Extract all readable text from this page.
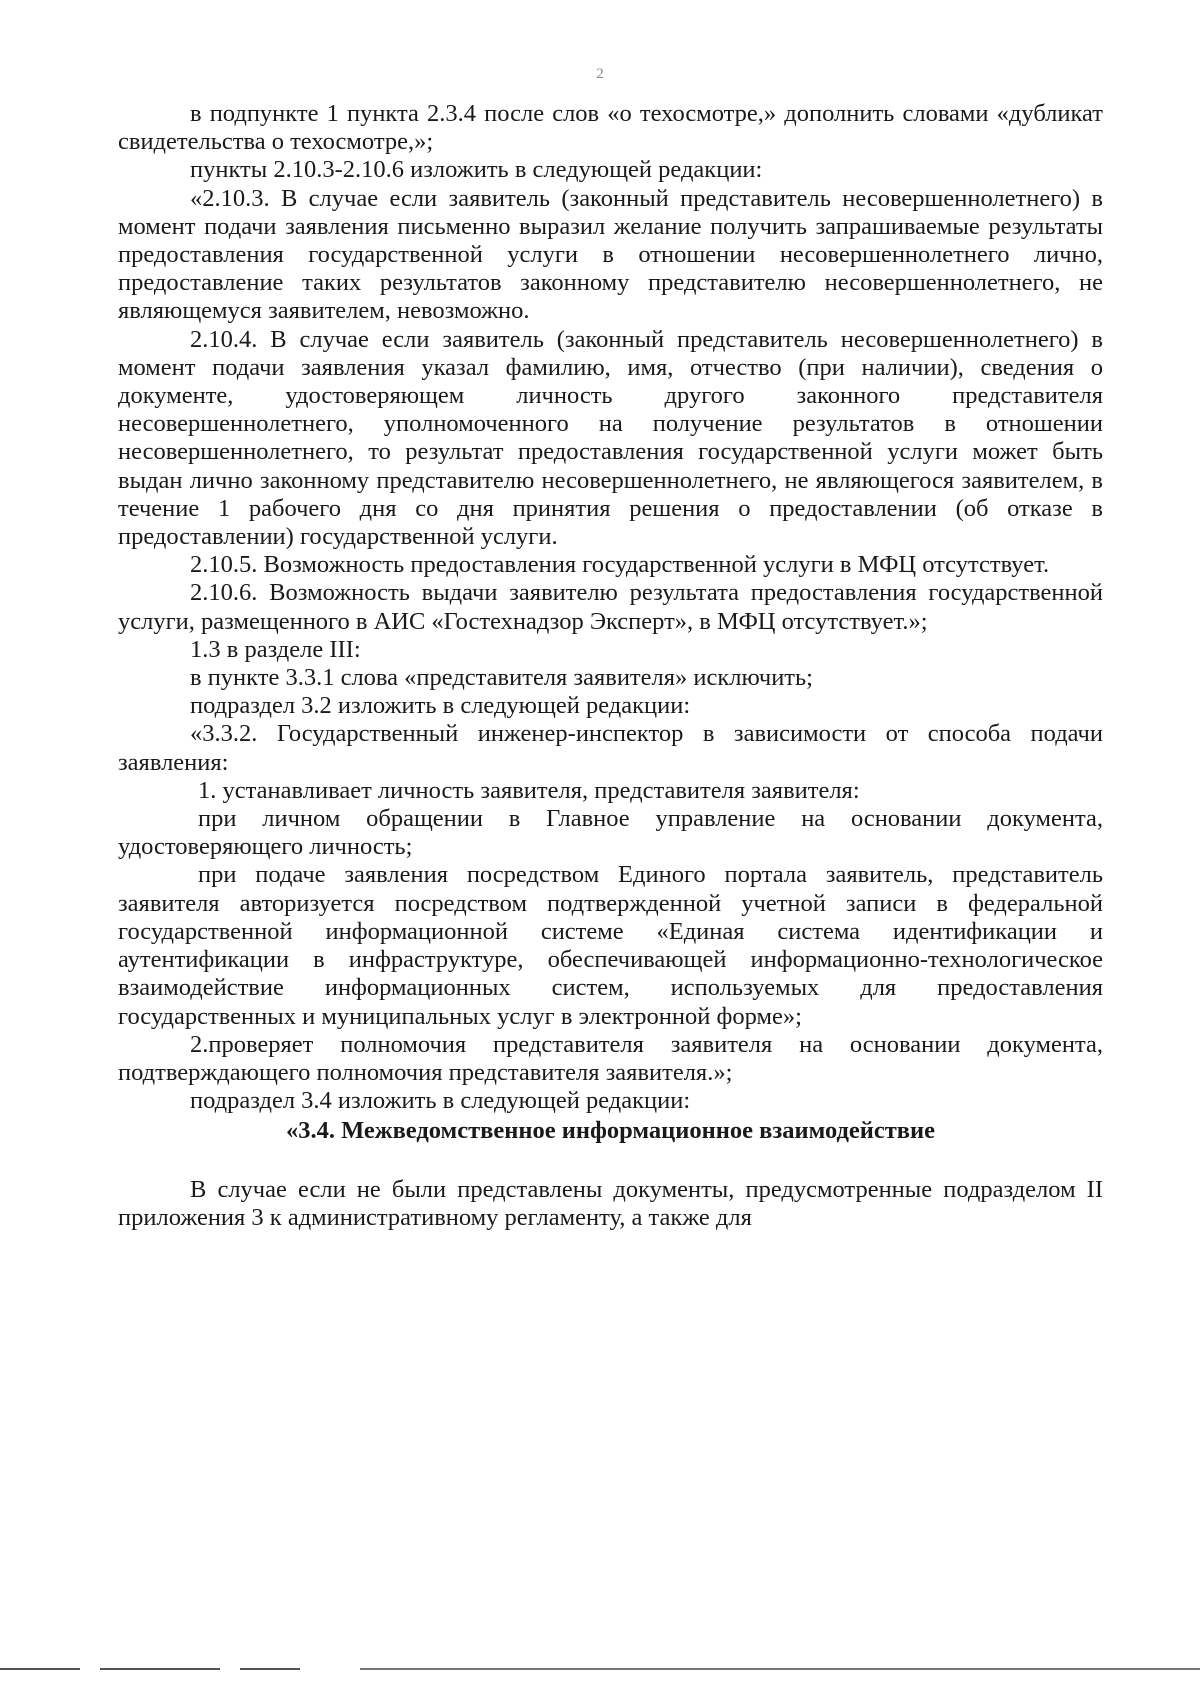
2

в подпункте 1 пункта 2.3.4 после слов «о техосмотре,» дополнить словами «дубликат свидетельства о техосмотре,»;

пункты 2.10.3-2.10.6 изложить в следующей редакции:

«2.10.3. В случае если заявитель (законный представитель несовершеннолетнего) в момент подачи заявления письменно выразил желание получить запрашиваемые результаты предоставления государственной услуги в отношении несовершеннолетнего лично, предоставление таких результатов законному представителю несовершеннолетнего, не являющемуся заявителем, невозможно.

2.10.4. В случае если заявитель (законный представитель несовершеннолетнего) в момент подачи заявления указал фамилию, имя, отчество (при наличии), сведения о документе, удостоверяющем личность другого законного представителя несовершеннолетнего, уполномоченного на получение результатов в отношении несовершеннолетнего, то результат предоставления государственной услуги может быть выдан лично законному представителю несовершеннолетнего, не являющегося заявителем, в течение 1 рабочего дня со дня принятия решения о предоставлении (об отказе в предоставлении) государственной услуги.

2.10.5. Возможность предоставления государственной услуги в МФЦ отсутствует.

2.10.6. Возможность выдачи заявителю результата предоставления государственной услуги, размещенного в АИС «Гостехнадзор Эксперт», в МФЦ отсутствует.»;

1.3 в разделе III:

в пункте 3.3.1 слова «представителя заявителя» исключить;

подраздел 3.2 изложить в следующей редакции:

«3.3.2. Государственный инженер-инспектор в зависимости от способа подачи заявления:

1. устанавливает личность заявителя, представителя заявителя:

при личном обращении в Главное управление на основании документа, удостоверяющего личность;

при подаче заявления посредством Единого портала заявитель, представитель заявителя авторизуется посредством подтвержденной учетной записи в федеральной государственной информационной системе «Единая система идентификации и аутентификации в инфраструктуре, обеспечивающей информационно-технологическое взаимодействие информационных систем, используемых для предоставления государственных и муниципальных услуг в электронной форме»;

2.проверяет полномочия представителя заявителя на основании документа, подтверждающего полномочия представителя заявителя.»;

подраздел 3.4 изложить в следующей редакции:

«3.4. Межведомственное информационное взаимодействие

В случае если не были представлены документы, предусмотренные подразделом II приложения 3 к административному регламенту, а также для
